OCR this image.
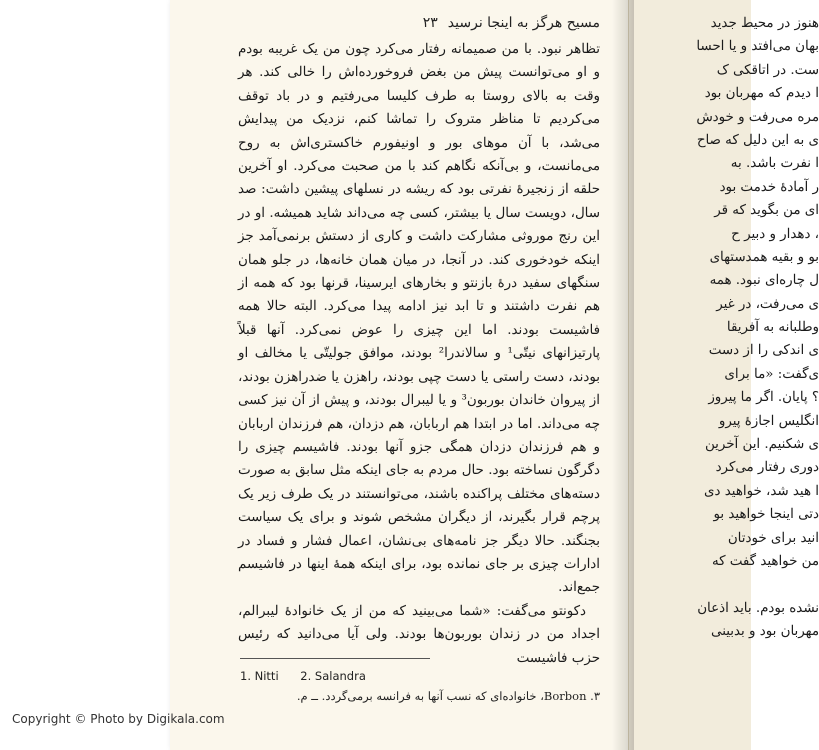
هنوز در محیط جدید
بهان می‌افتد و یا احسا
ست. در اتاقکی ک
ا دیدم که مهربان بود
مره می‌رفت و خودش
ی به این دلیل که صاح
ا نفرت باشد. به
ر آمادهٔ خدمت بود
ای من بگوید که قر
، دهدار و دبیر ح
بو و بقیه همدستهای
ل چاره‌ای نبود. همه
ی می‌رفت، در غیر
وطلبانه به آفریقا
ی اندکی را از دست
ی‌گفت: «ما برای
؟ پایان. اگر ما پیروز
انگلیس اجازهٔ پیرو
ی شکنیم. این آخرین
دوری رفتار می‌کرد
ا هید شد، خواهید دی
دتی اینجا خواهید بو
انید برای خودتان
من خواهید گفت که
نشده بودم. باید اذعان
مهربان بود و بدبینی
مسیح هرگز به اینجا نرسید
۲۳

تظاهر نبود. با من صمیمانه رفتار می‌کرد چون من یک غریبه بودم و او می‌توانست پیش من بغض فروخورده‌اش را خالی کند. هر وقت به بالای روستا به طرف کلیسا می‌رفتیم و در باد توقف می‌کردیم تا مناظر متروک را تماشا کنم، نزدیک من پیدایش می‌شد، با آن موهای بور و اونیفورم خاکستری‌اش به روح می‌مانست، و بی‌آنکه نگاهم کند با من صحبت می‌کرد. او آخرین حلقه از زنجیرهٔ نفرتی بود که ریشه در نسلهای پیشین داشت: صد سال، دویست سال یا بیشتر، کسی چه می‌داند شاید همیشه. او در این رنج موروثی مشارکت داشت و کاری از دستش برنمی‌آمد جز اینکه خودخوری کند. در آنجا، در میان همان خانه‌ها، در جلو همان سنگهای سفید درهٔ بازنتو و بخارهای ایرسینا، قرنها بود که همه از هم نفرت داشتند و تا ابد نیز ادامه پیدا می‌کرد. البته حالا همه فاشیست بودند. اما این چیزی را عوض نمی‌کرد. آنها قبلاً پارتیزانهای نیتّی¹ و سالاندرا² بودند، موافق جولیتّی یا مخالف او بودند، دست راستی یا دست چپی بودند، راهزن یا ضدراهزن بودند، از پیروان خاندان بوربون³ و یا لیبرال بودند، و پیش از آن نیز کسی چه می‌داند. اما در ابتدا هم اربابان، هم دزدان، هم فرزندان اربابان و هم فرزندان دزدان همگی جزو آنها بودند. فاشیسم چیزی را دگرگون نساخته بود. حال مردم به جای اینکه مثل سابق به صورت دسته‌های مختلف پراکنده باشند، می‌توانستند در یک طرف زیر یک پرچم قرار بگیرند، از دیگران مشخص شوند و برای یک سیاست بجنگند. حالا دیگر جز نامه‌های بی‌نشان، اعمال فشار و فساد در ادارات چیزی بر جای نمانده بود، برای اینکه همهٔ اینها در فاشیسم جمع‌اند.

دکونتو می‌گفت: «شما می‌بینید که من از یک خانوادهٔ لیبرالم، اجداد من در زندان بوربون‌ها بودند. ولی آیا می‌دانید که رئیس حزب فاشیست

1. Nitti 2. Salandra
۳. Borbon، خانواده‌ای که نسب آنها به فرانسه برمی‌گردد. ــ م.
Copyright © Photo by Digikala.com
